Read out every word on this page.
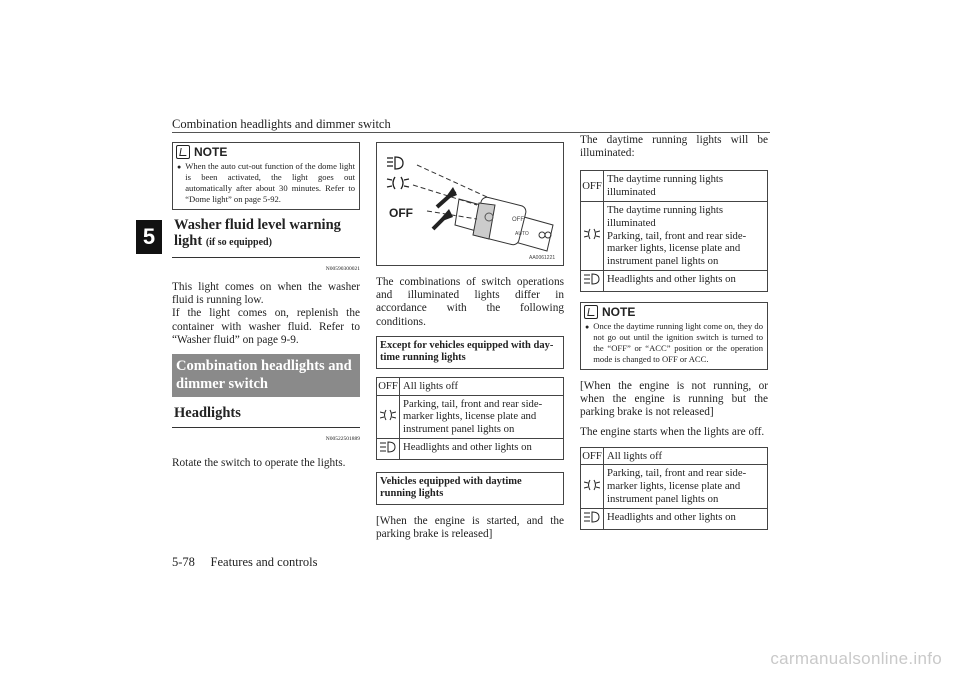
Combination headlights and dimmer switch
5
NOTE
● When the auto cut-out function of the dome light is been activated, the light goes out automatically after about 30 minutes. Refer to “Dome light” on page 5-92.
Washer fluid level warning light (if so equipped)
N00590300021

This light comes on when the washer fluid is running low.

If the light comes on, replenish the container with washer fluid. Refer to “Washer fluid” on page 9-9.

Combination headlights and dimmer switch
Headlights
N00522501889

Rotate the switch to operate the lights.

OFF
AUTO
OFF
AA0061221

The combinations of switch operations and illuminated lights differ in accordance with the following conditions.

Except for vehicles equipped with day-time running lights
OFF	All lights off
	Parking, tail, front and rear side-marker lights, license plate and instrument panel lights on
	Headlights and other lights on
Vehicles equipped with daytime running lights

[When the engine is started, and the parking brake is released]

The daytime running lights will be illuminated:

OFF	The daytime running lights illuminated
	The daytime running lights illuminated
Parking, tail, front and rear side-marker lights, license plate and instrument panel lights on
	Headlights and other lights on
NOTE
● Once the daytime running light come on, they do not go out until the ignition switch is turned to the “OFF” or “ACC” position or the operation mode is changed to OFF or ACC.

[When the engine is not running, or when the engine is running but the parking brake is not released]

The engine starts when the lights are off.

OFF	All lights off
	Parking, tail, front and rear side-marker lights, license plate and instrument panel lights on
	Headlights and other lights on
5-78     Features and controls
carmanualsonline.info
